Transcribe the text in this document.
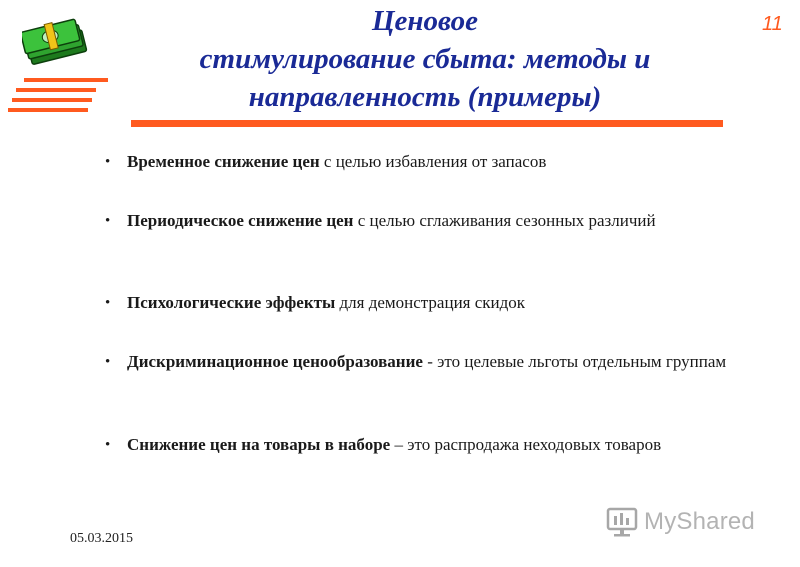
Ценовое
стимулирование сбыта: методы и
направленность (примеры)
11
• Временное снижение цен с целью избавления от запасов
• Периодическое снижение цен с целью сглаживания сезонных различий
• Психологические эффекты для демонстрация скидок
• Дискриминационное ценообразование - это целевые льготы отдельным группам
• Снижение цен на товары в наборе – это распродажа неходовых товаров
05.03.2015
MyShared
